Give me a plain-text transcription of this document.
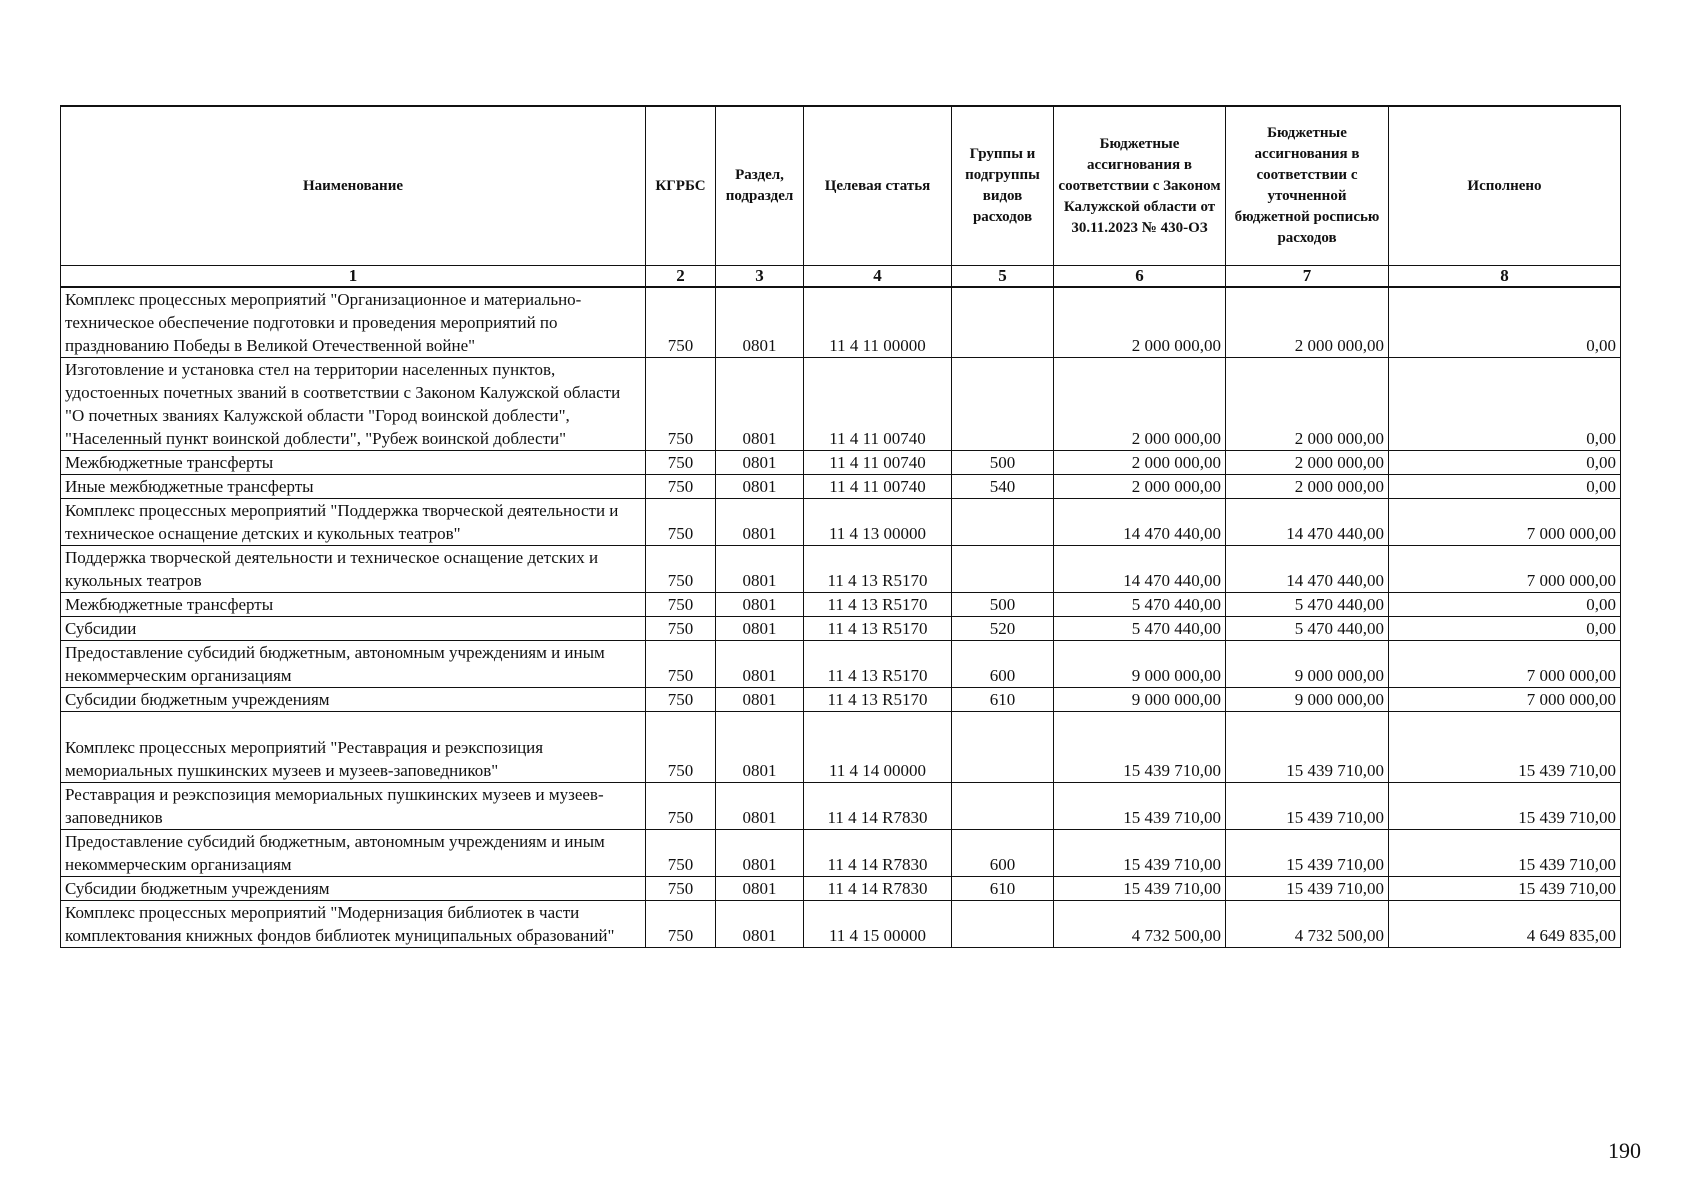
Наименование	КГРБС	Раздел, подраздел	Целевая статья	Группы и подгруппы видов расходов	Бюджетные ассигнования в соответствии с Законом Калужской области от 30.11.2023 № 430-ОЗ	Бюджетные ассигнования в соответствии с уточненной бюджетной росписью расходов	Исполнено
1	2	3	4	5	6	7	8
Комплекс процессных мероприятий "Организационное и материально-техническое обеспечение подготовки и проведения мероприятий по празднованию Победы в Великой Отечественной войне"	750	0801	11 4 11 00000		2 000 000,00	2 000 000,00	0,00
Изготовление и установка стел на территории населенных пунктов, удостоенных почетных званий в соответствии с Законом Калужской области "О почетных званиях Калужской области "Город воинской доблести", "Населенный пункт воинской доблести", "Рубеж воинской доблести"	750	0801	11 4 11 00740		2 000 000,00	2 000 000,00	0,00
Межбюджетные трансферты	750	0801	11 4 11 00740	500	2 000 000,00	2 000 000,00	0,00
Иные межбюджетные трансферты	750	0801	11 4 11 00740	540	2 000 000,00	2 000 000,00	0,00
Комплекс процессных мероприятий "Поддержка творческой деятельности и техническое оснащение детских и кукольных театров"	750	0801	11 4 13 00000		14 470 440,00	14 470 440,00	7 000 000,00
Поддержка творческой деятельности и техническое оснащение детских и кукольных театров	750	0801	11 4 13 R5170		14 470 440,00	14 470 440,00	7 000 000,00
Межбюджетные трансферты	750	0801	11 4 13 R5170	500	5 470 440,00	5 470 440,00	0,00
Субсидии	750	0801	11 4 13 R5170	520	5 470 440,00	5 470 440,00	0,00
Предоставление субсидий бюджетным, автономным учреждениям и иным некоммерческим организациям	750	0801	11 4 13 R5170	600	9 000 000,00	9 000 000,00	7 000 000,00
Субсидии бюджетным учреждениям	750	0801	11 4 13 R5170	610	9 000 000,00	9 000 000,00	7 000 000,00
Комплекс процессных мероприятий "Реставрация и реэкспозиция мемориальных пушкинских музеев и музеев-заповедников"	750	0801	11 4 14 00000		15 439 710,00	15 439 710,00	15 439 710,00
Реставрация и реэкспозиция мемориальных пушкинских музеев и музеев-заповедников	750	0801	11 4 14 R7830		15 439 710,00	15 439 710,00	15 439 710,00
Предоставление субсидий бюджетным, автономным учреждениям и иным некоммерческим организациям	750	0801	11 4 14 R7830	600	15 439 710,00	15 439 710,00	15 439 710,00
Субсидии бюджетным учреждениям	750	0801	11 4 14 R7830	610	15 439 710,00	15 439 710,00	15 439 710,00
Комплекс процессных мероприятий "Модернизация библиотек в части комплектования книжных фондов библиотек муниципальных образований"	750	0801	11 4 15 00000		4 732 500,00	4 732 500,00	4 649 835,00
190
